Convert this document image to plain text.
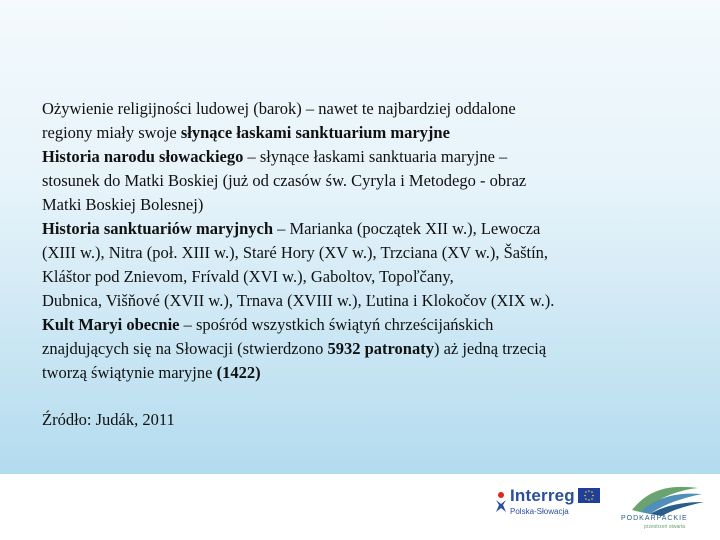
Ożywienie religijności ludowej (barok) – nawet te najbardziej oddalone
regiony miały swoje słynące łaskami sanktuarium maryjne
Historia narodu słowackiego – słynące łaskami sanktuaria maryjne –
stosunek do Matki Boskiej (już od czasów św. Cyryla i Metodego - obraz
Matki Boskiej Bolesnej)
Historia sanktuariów maryjnych – Marianka (początek XII w.), Lewocza
(XIII w.), Nitra (poł. XIII w.), Staré Hory (XV w.), Trzciana (XV w.), Šaštín,
Kláštor pod Znievom, Frívald (XVI w.), Gaboltov, Topoľčany,
Dubnica, Višňové (XVII w.), Trnava (XVIII w.), Ľutina i Klokočov (XIX w.).
Kult Maryi obecnie – spośród wszystkich świątyń chrześcijańskich
znajdujących się na Słowacji (stwierdzono 5932 patronaty) aż jedną trzecią
tworzą świątynie maryjne (1422)
Źródło: Judák, 2011
Interreg
Polska-Słowacja
PODKARPACKIE
przestrzeń otwarta
